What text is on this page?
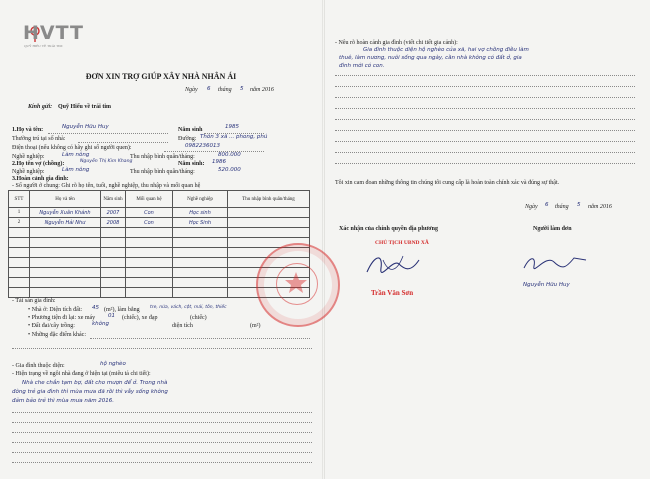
HVTT
QUỸ HIẾU VỀ TRÁI TIM
ĐƠN XIN TRỢ GIÚP XÂY NHÀ NHÂN ÁI
Ngày 6 tháng 5 năm 2016
Kính gửi: Quỹ Hiếu về trái tim
1.Họ và tên:	Nguyễn Hữu Huy	Năm sinh	1985
Thường trú tại số nhà:	Đường: Thôn 3 xã ... phong, phú
Điện thoại (nếu không có hãy ghi số người quen):	0982236013
Nghề nghiệp:	Làm nông	Thu nhập bình quân/tháng:	800.000
2.Họ tên vợ (chồng):	Nguyễn Thị Kim Khang	Năm sinh: 1986
Nghề nghiệp:	Làm nông	Thu nhập bình quân/tháng:	520.000
3.Hoàn cảnh gia đình:
- Số người ở chung: Ghi rõ họ tên, tuổi, nghề nghiệp, thu nhập và mối quan hệ
STT	Họ và tên	Năm sinh	Mối quan hệ	Nghề nghiệp	Thu nhập bình quân/tháng
1	Nguyễn Xuân Khánh	2007	Con	Học sinh	
2	Nguyễn Hải Như	2008	Con	Học Sinh	

- Tài sản gia đình:
• Nhà ở: Diện tích đất: 45 (m²), làm bằng tre, nứa, vách, cột, mái, tôn, thiếc
• Phương tiện đi lại: xe máy 01 (chiếc), xe đạp	(chiếc)
• Đất đai/cây trồng:	không	diện tích	(m²)
• Những đặc điểm khác:
- Gia đình thuộc diện:	hộ nghèo
- Hiện trạng về ngôi nhà đang ở hiện tại (miêu tả chi tiết):
Nhà che chắn tạm bợ, đất cho mượn để ở. Trong nhà
đông trẻ gia đình thì mùa mưa đã rồi thì vẫy sống không
đảm bảo trẻ thì mùa mưa năm 2016.
- Nêu rõ hoàn cảnh gia đình (viết chi tiết gia cảnh):
Gia đình thuộc diện hộ nghèo của xã, hai vợ chồng điều làm
thuê, làm nương, nuôi sống qua ngày, cần nhà không có đất ở, gia
đình mới có con.
Tôi xin cam đoan những thông tin chúng tôi cung cấp là hoàn toàn chính xác và đúng sự thật.
Ngày 6 tháng 5 năm 2016
Xác nhận của chính quyền địa phương	Người làm đơn
CHỦ TỊCH UBND XÃ
Trần Văn Sơn
Nguyễn Hữu Huy
